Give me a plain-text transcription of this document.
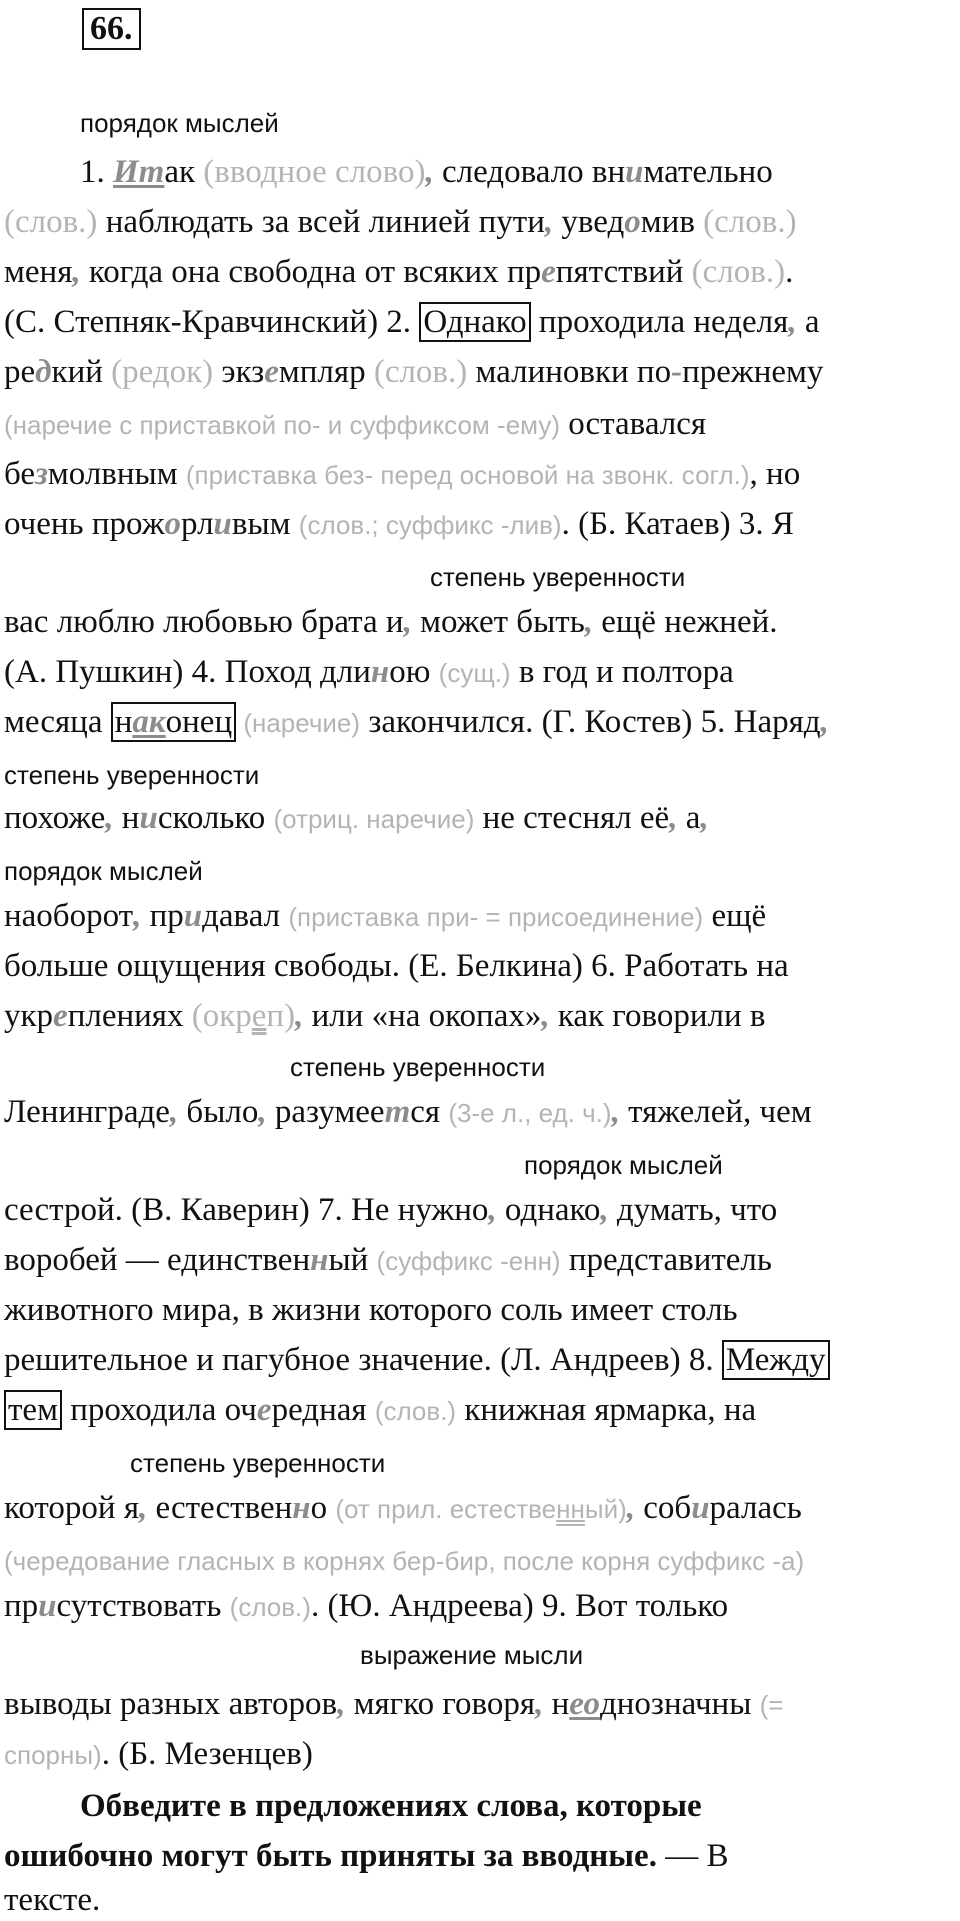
66.
порядок мыслей
степень уверенности
степень уверенности
порядок мыслей
степень уверенности
порядок мыслей
степень уверенности
выражение мысли
1. Итак (вводное слово), следовало внимательно
(слов.) наблюдать за всей линией пути, уведомив (слов.)
меня, когда она свободна от всяких препятствий (слов.).
(С. Степняк-Кравчинский) 2. Однако проходила неделя, а
редкий (редок) экземпляр (слов.) малиновки по-прежнему
(наречие с приставкой по- и суффиксом -ему) оставался
безмолвным (приставка без- перед основой на звонк. согл.), но
очень прожорливым (слов.; суффикс -лив). (Б. Катаев) 3. Я
вас люблю любовью брата и, может быть, ещё нежней.
(А. Пушкин) 4. Поход длиною (сущ.) в год и полтора
месяца наконец (наречие) закончился. (Г. Костев) 5. Наряд,
похоже, нисколько (отриц. наречие) не стеснял её, а,
наоборот, придавал (приставка при- = присоединение) ещё
больше ощущения свободы. (Е. Белкина) 6. Работать на
укреплениях (окреп), или «на окопах», как говорили в
Ленинграде, было, разумеется (3-е л., ед. ч.), тяжелей, чем
сестрой. (В. Каверин) 7. Не нужно, однако, думать, что
воробей — единственный (суффикс -енн) представитель
животного мира, в жизни которого соль имеет столь
решительное и пагубное значение. (Л. Андреев) 8. Между
тем проходила очередная (слов.) книжная ярмарка, на
которой я, естественно (от прил. естественный), собиралась
(чередование гласных в корнях бер-бир, после корня суффикс -а)
присутствовать (слов.). (Ю. Андреева) 9. Вот только
выводы разных авторов, мягко говоря, неоднозначны (=
спорны). (Б. Мезенцев)
Обведите в предложениях слова, которые
ошибочно могут быть приняты за вводные. — В
тексте.
